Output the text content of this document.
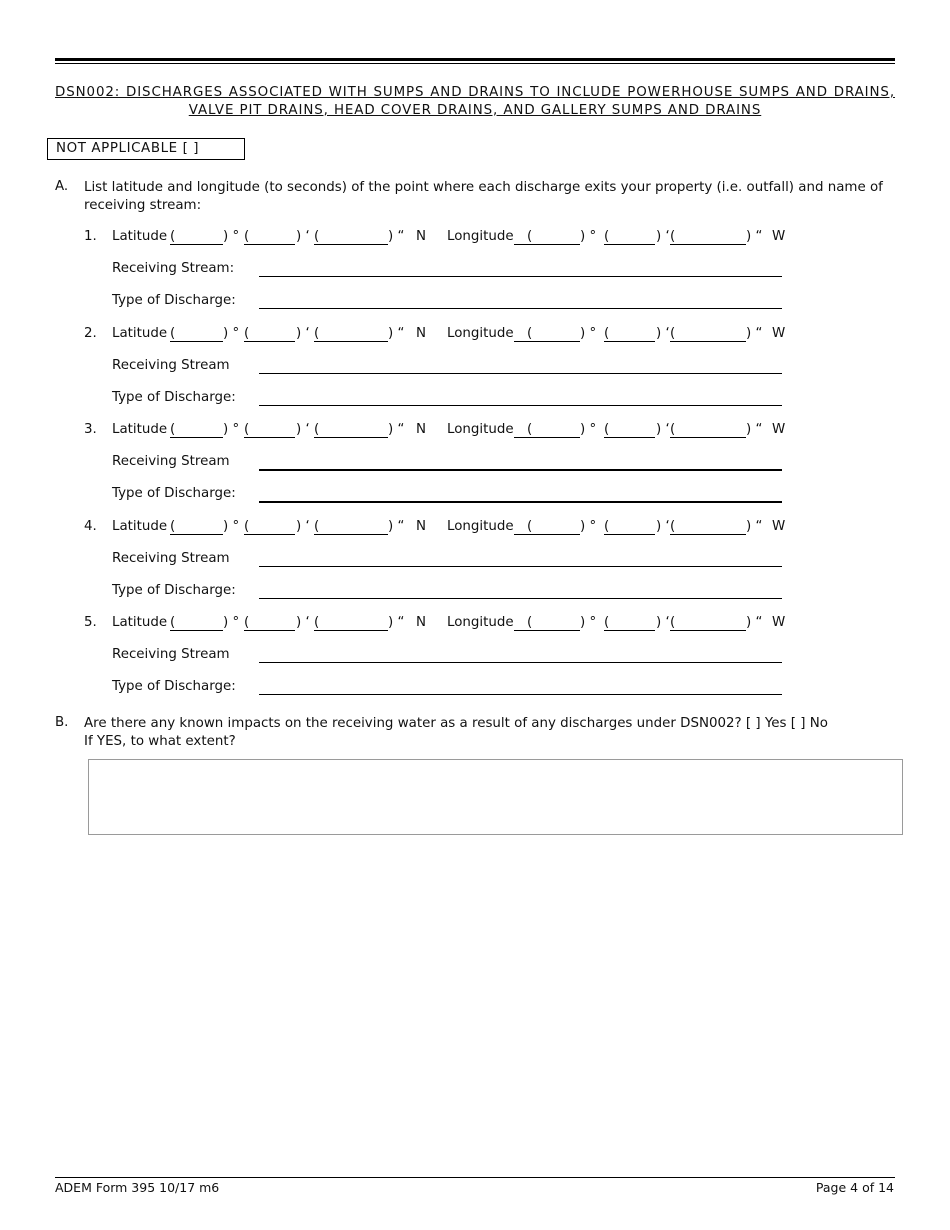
DSN002: DISCHARGES ASSOCIATED WITH SUMPS AND DRAINS TO INCLUDE POWERHOUSE SUMPS AND DRAINS, VALVE PIT DRAINS, HEAD COVER DRAINS, AND GALLERY SUMPS AND DRAINS
NOT APPLICABLE [ ]
A. List latitude and longitude (to seconds) of the point where each discharge exits your property (i.e. outfall) and name of receiving stream:
1. Latitude (	) ° (	) ‘ (	) “ N Longitude (	) ° (	) ‘ (	) “ W
Receiving Stream:
Type of Discharge:
2. Latitude (	) ° (	) ‘ (	) “ N Longitude (	) ° (	) ‘ (	) “ W
Receiving Stream
Type of Discharge:
3. Latitude (	) ° (	) ‘ (	) “ N Longitude (	) ° (	) ‘ (	) “ W
Receiving Stream
Type of Discharge:
4. Latitude (	) ° (	) ‘ (	) “ N Longitude (	) ° (	) ‘ (	) “ W
Receiving Stream
Type of Discharge:
5. Latitude (	) ° (	) ‘ (	) “ N Longitude (	) ° (	) ‘ (	) “ W
Receiving Stream
Type of Discharge:
B. Are there any known impacts on the receiving water as a result of any discharges under DSN002? [ ] Yes [ ] No
If YES, to what extent?
ADEM Form 395 10/17 m6	Page 4 of 14
